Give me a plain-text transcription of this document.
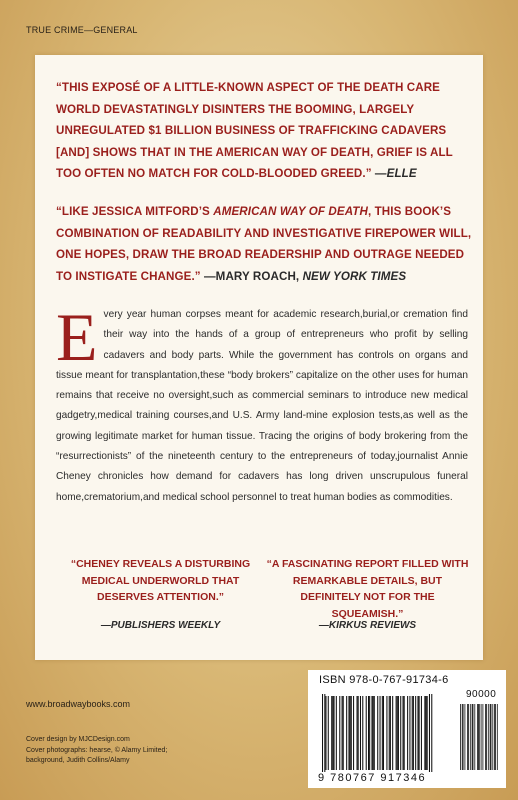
TRUE CRIME—GENERAL
“THIS EXPOSÉ OF A LITTLE-KNOWN ASPECT OF THE DEATH CARE WORLD DEVASTATINGLY DISINTERS THE BOOMING, LARGELY UNREGULATED $1 BILLION BUSINESS OF TRAFFICKING CADAVERS [AND] SHOWS THAT IN THE AMERICAN WAY OF DEATH, GRIEF IS ALL TOO OFTEN NO MATCH FOR COLD-BLOODED GREED.” —ELLE
“LIKE JESSICA MITFORD’S AMERICAN WAY OF DEATH, THIS BOOK’S COMBINATION OF READABILITY AND INVESTIGATIVE FIREPOWER WILL, ONE HOPES, DRAW THE BROAD READERSHIP AND OUTRAGE NEEDED TO INSTIGATE CHANGE.” —MARY ROACH, NEW YORK TIMES
Every year human corpses meant for academic research,burial,or cremation find their way into the hands of a group of entrepreneurs who profit by selling cadavers and body parts. While the government has controls on organs and tissue meant for transplantation,these “body brokers” capitalize on the other uses for human remains that receive no oversight,such as commercial seminars to introduce new medical gadgetry,medical training courses,and U.S. Army land-mine explosion tests,as well as the growing legitimate market for human tissue. Tracing the origins of body brokering from the “resurrectionists” of the nineteenth century to the entrepreneurs of today,journalist Annie Cheney chronicles how demand for cadavers has long driven unscrupulous funeral home,crematorium,and medical school personnel to treat human bodies as commodities.
“CHENEY REVEALS A DISTURBING MEDICAL UNDERWORLD THAT DESERVES ATTENTION.”
“A FASCINATING REPORT FILLED WITH REMARKABLE DETAILS, BUT DEFINITELY NOT FOR THE SQUEAMISH.”
—PUBLISHERS WEEKLY	—KIRKUS REVIEWS
www.broadwaybooks.com
Cover design by MJCDesign.com
Cover photographs: hearse, © Alamy Limited;
background, Judith Collins/Alamy
ISBN 978-0-767-91734-6
90000
9 780767 917346
